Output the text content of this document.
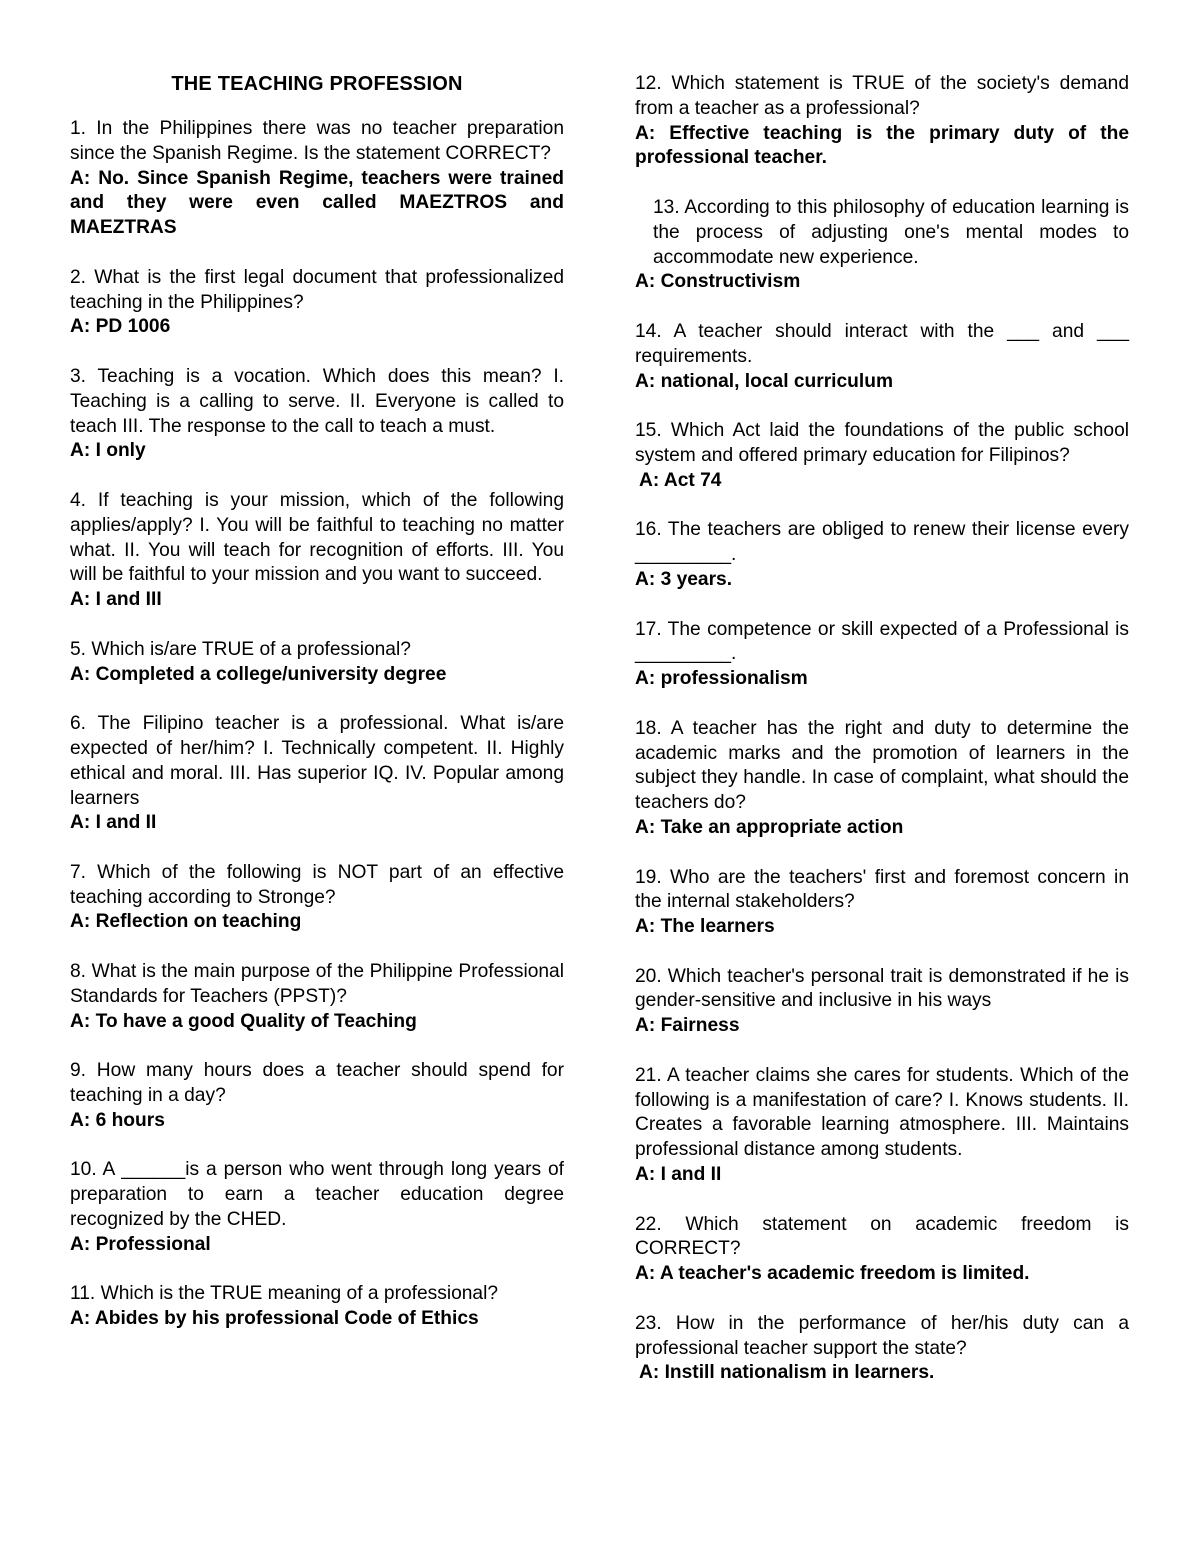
THE TEACHING PROFESSION

1. In the Philippines there was no teacher preparation since the Spanish Regime. Is the statement CORRECT?

A: No. Since Spanish Regime, teachers were trained and they were even called MAEZTROS and MAEZTRAS

2. What is the first legal document that professionalized teaching in the Philippines?

A: PD 1006

3. Teaching is a vocation. Which does this mean? I. Teaching is a calling to serve. II. Everyone is called to teach III. The response to the call to teach a must.

A: I only

4. If teaching is your mission, which of the following applies/apply? I. You will be faithful to teaching no matter what. II. You will teach for recognition of efforts. III. You will be faithful to your mission and you want to succeed.

A: I and III

5. Which is/are TRUE of a professional?

A: Completed a college/university degree

6. The Filipino teacher is a professional. What is/are expected of her/him? I. Technically competent. II. Highly ethical and moral. III. Has superior IQ. IV. Popular among learners

A: I and II

7. Which of the following is NOT part of an effective teaching according to Stronge?

A: Reflection on teaching

8. What is the main purpose of the Philippine Professional Standards for Teachers (PPST)?

A: To have a good Quality of Teaching

9. How many hours does a teacher should spend for teaching in a day?

A: 6 hours

10. A ______is a person who went through long years of preparation to earn a teacher education degree recognized by the CHED.

A: Professional

11. Which is the TRUE meaning of a professional?

A: Abides by his professional Code of Ethics

12. Which statement is TRUE of the society's demand from a teacher as a professional?

A: Effective teaching is the primary duty of the professional teacher.

13. According to this philosophy of education learning is the process of adjusting one's mental modes to accommodate new experience.

A: Constructivism

14. A teacher should interact with the ___ and ___ requirements.

A: national, local curriculum

15. Which Act laid the foundations of the public school system and offered primary education for Filipinos?

A: Act 74

16. The teachers are obliged to renew their license every _________.

A: 3 years.

17. The competence or skill expected of a Professional is _________.

A: professionalism

18. A teacher has the right and duty to determine the academic marks and the promotion of learners in the subject they handle. In case of complaint, what should the teachers do?

A: Take an appropriate action

19. Who are the teachers' first and foremost concern in the internal stakeholders?

A: The learners

20. Which teacher's personal trait is demonstrated if he is gender-sensitive and inclusive in his ways

A: Fairness

21. A teacher claims she cares for students. Which of the following is a manifestation of care? I. Knows students. II. Creates a favorable learning atmosphere. III. Maintains professional distance among students.

A: I and II

22. Which statement on academic freedom is CORRECT?

A: A teacher's academic freedom is limited.

23. How in the performance of her/his duty can a professional teacher support the state?

A: Instill nationalism in learners.
